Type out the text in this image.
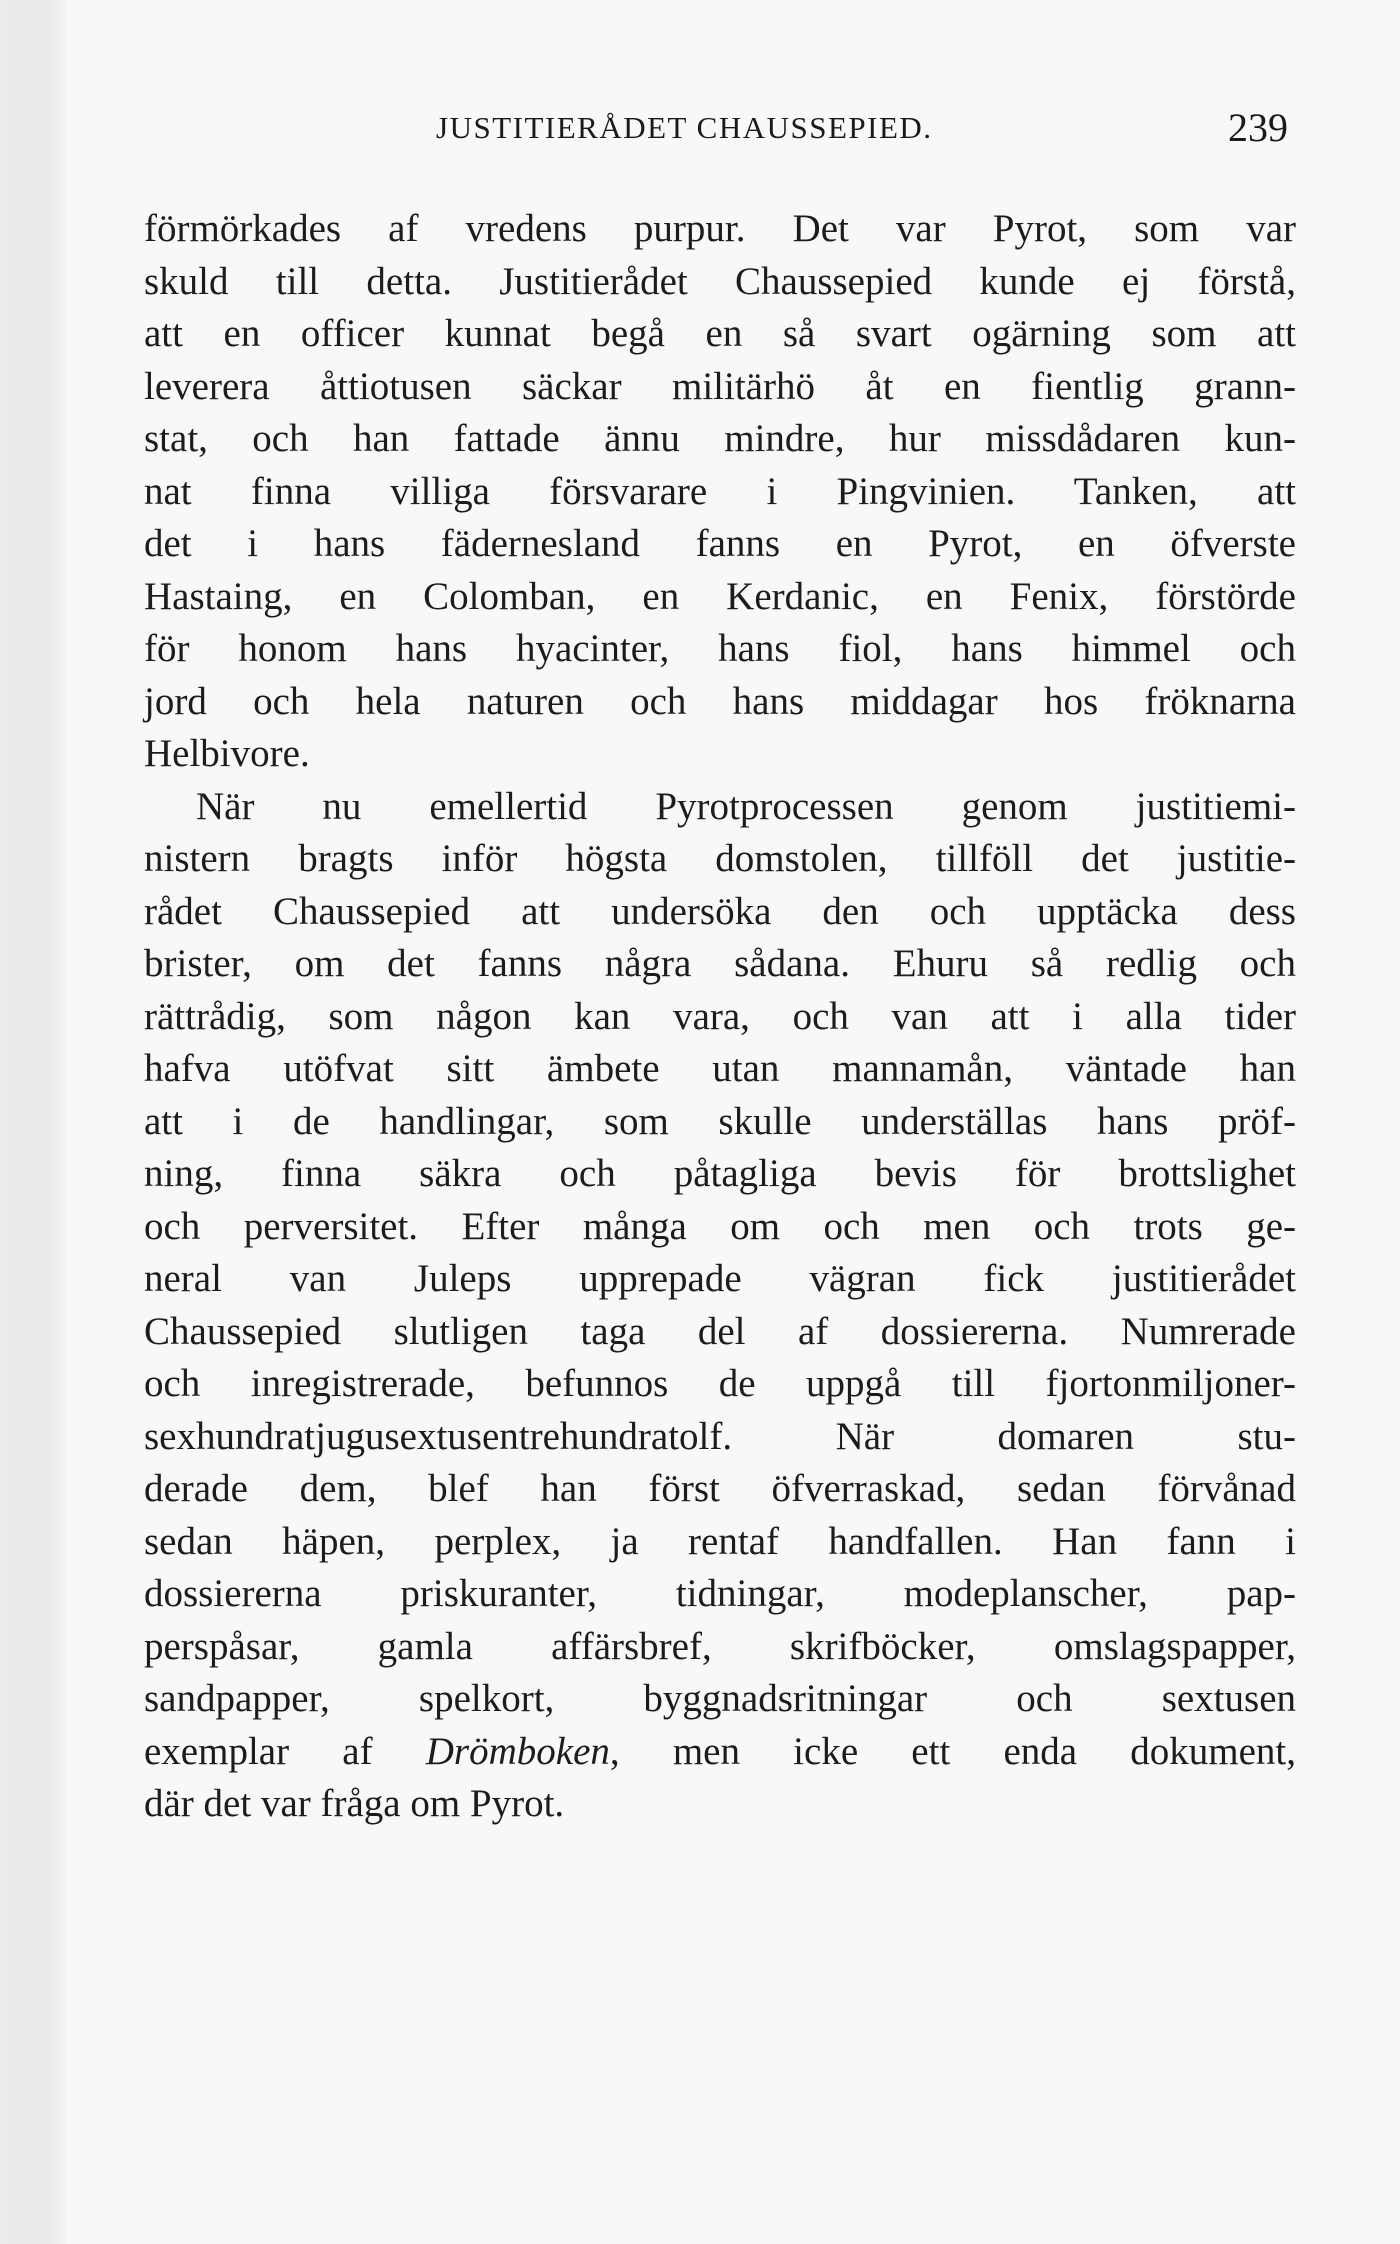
JUSTITIERÅDET CHAUSSEPIED.	239
förmörkades af vredens purpur. Det var Pyrot, som var
skuld till detta. Justitierådet Chaussepied kunde ej förstå,
att en officer kunnat begå en så svart ogärning som att
leverera åttiotusen säckar militärhö åt en fientlig grann-
stat, och han fattade ännu mindre, hur missdådaren kun-
nat finna villiga försvarare i Pingvinien. Tanken, att
det i hans fädernesland fanns en Pyrot, en öfverste
Hastaing, en Colomban, en Kerdanic, en Fenix, förstörde
för honom hans hyacinter, hans fiol, hans himmel och
jord och hela naturen och hans middagar hos fröknarna
Helbivore.
När nu emellertid Pyrotprocessen genom justitiemi-
nistern bragts inför högsta domstolen, tillföll det justitie-
rådet Chaussepied att undersöka den och upptäcka dess
brister, om det fanns några sådana. Ehuru så redlig och
rättrådig, som någon kan vara, och van att i alla tider
hafva utöfvat sitt ämbete utan mannamån, väntade han
att i de handlingar, som skulle underställas hans pröf-
ning, finna säkra och påtagliga bevis för brottslighet
och perversitet. Efter många om och men och trots ge-
neral van Juleps upprepade vägran fick justitierådet
Chaussepied slutligen taga del af dossiererna. Numrerade
och inregistrerade, befunnos de uppgå till fjortonmiljoner-
sexhundratjugusextusentrehundratolf. När domaren stu-
derade dem, blef han först öfverraskad, sedan förvånad
sedan häpen, perplex, ja rentaf handfallen. Han fann i
dossiererna priskuranter, tidningar, modeplanscher, pap-
perspåsar, gamla affärsbref, skrifböcker, omslagspapper,
sandpapper, spelkort, byggnadsritningar och sextusen
exemplar af Drömboken, men icke ett enda dokument,
där det var fråga om Pyrot.
